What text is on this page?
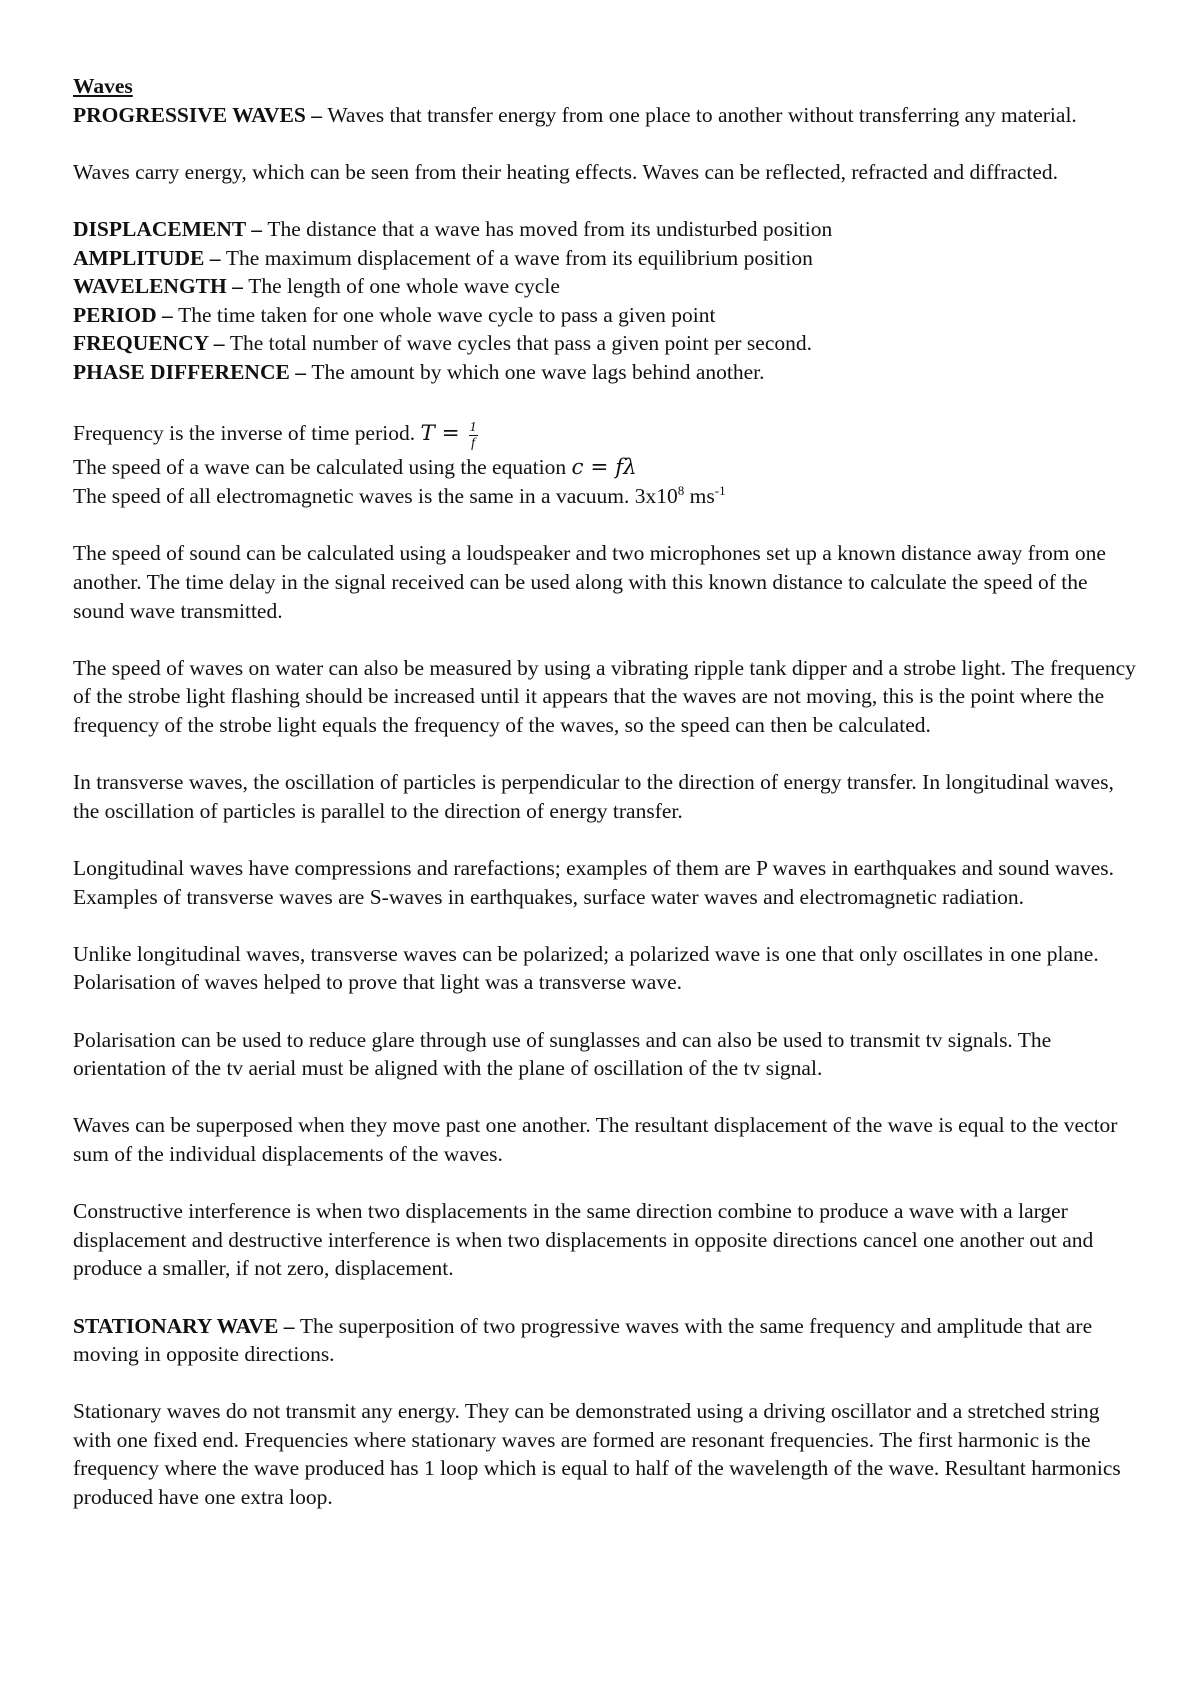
Waves

PROGRESSIVE WAVES – Waves that transfer energy from one place to another without transferring any material.

Waves carry energy, which can be seen from their heating effects. Waves can be reflected, refracted and diffracted.

DISPLACEMENT – The distance that a wave has moved from its undisturbed position

AMPLITUDE – The maximum displacement of a wave from its equilibrium position

WAVELENGTH – The length of one whole wave cycle

PERIOD – The time taken for one whole wave cycle to pass a given point

FREQUENCY – The total number of wave cycles that pass a given point per second.

PHASE DIFFERENCE – The amount by which one wave lags behind another.

Frequency is the inverse of time period. $T = \frac{1}{f}$

The speed of a wave can be calculated using the equation c = fλ

The speed of all electromagnetic waves is the same in a vacuum. $3x10^8$ $ms^{-1}$

The speed of sound can be calculated using a loudspeaker and two microphones set up a known distance away from one another. The time delay in the signal received can be used along with this known distance to calculate the speed of the sound wave transmitted.

The speed of waves on water can also be measured by using a vibrating ripple tank dipper and a strobe light. The frequency of the strobe light flashing should be increased until it appears that the waves are not moving, this is the point where the frequency of the strobe light equals the frequency of the waves, so the speed can then be calculated.

In transverse waves, the oscillation of particles is perpendicular to the direction of energy transfer. In longitudinal waves, the oscillation of particles is parallel to the direction of energy transfer.

Longitudinal waves have compressions and rarefactions; examples of them are P waves in earthquakes and sound waves. Examples of transverse waves are S-waves in earthquakes, surface water waves and electromagnetic radiation.

Unlike longitudinal waves, transverse waves can be polarized; a polarized wave is one that only oscillates in one plane. Polarisation of waves helped to prove that light was a transverse wave.

Polarisation can be used to reduce glare through use of sunglasses and can also be used to transmit tv signals. The orientation of the tv aerial must be aligned with the plane of oscillation of the tv signal.

Waves can be superposed when they move past one another. The resultant displacement of the wave is equal to the vector sum of the individual displacements of the waves.

Constructive interference is when two displacements in the same direction combine to produce a wave with a larger displacement and destructive interference is when two displacements in opposite directions cancel one another out and produce a smaller, if not zero, displacement.

STATIONARY WAVE – The superposition of two progressive waves with the same frequency and amplitude that are moving in opposite directions.

Stationary waves do not transmit any energy. They can be demonstrated using a driving oscillator and a stretched string with one fixed end. Frequencies where stationary waves are formed are resonant frequencies. The first harmonic is the frequency where the wave produced has 1 loop which is equal to half of the wavelength of the wave. Resultant harmonics produced have one extra loop.
